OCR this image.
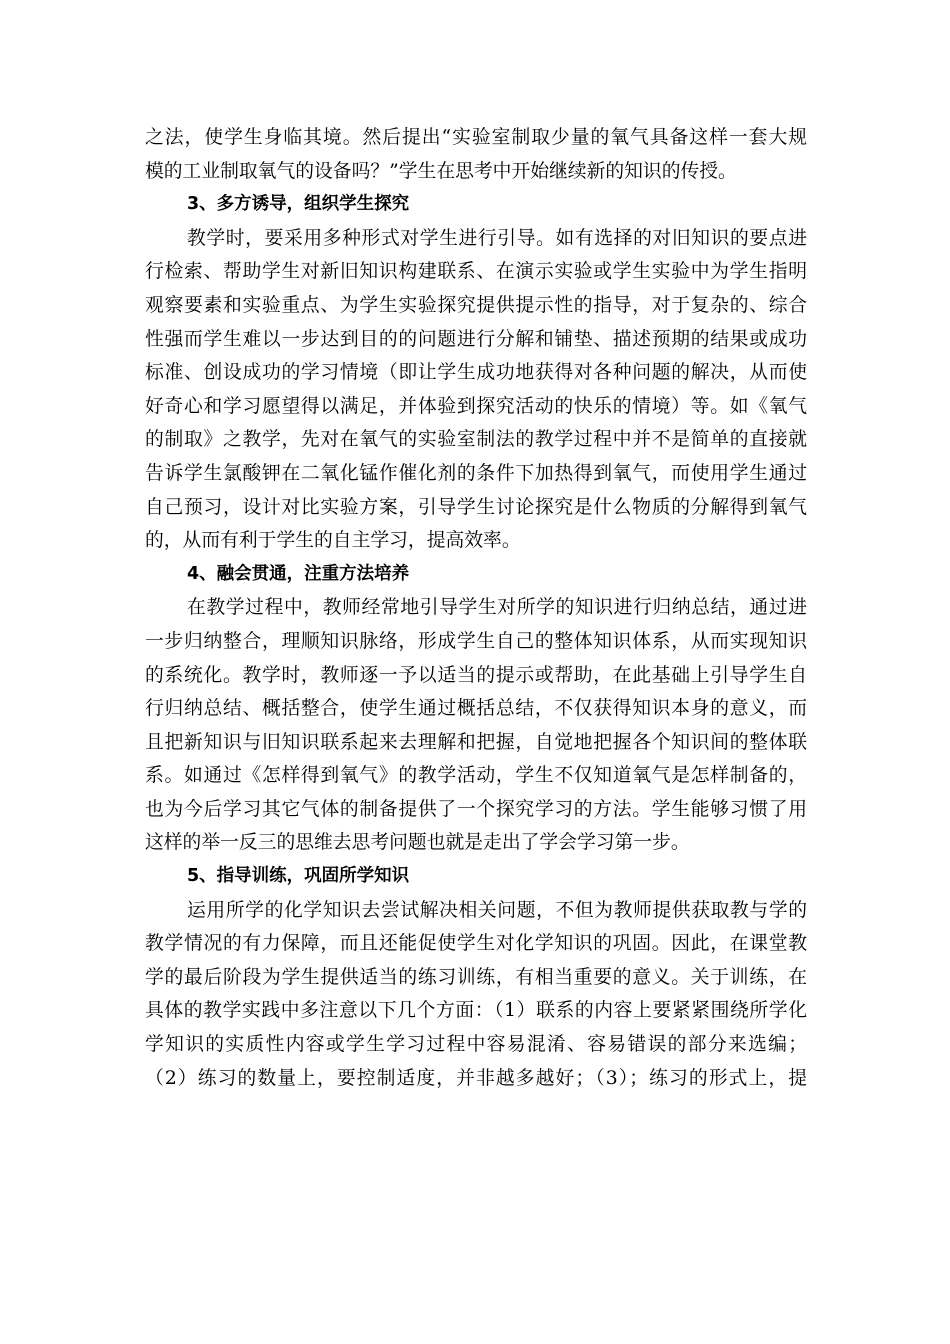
之法，使学生身临其境。然后提出“实验室制取少量的氧气具备这样一套大规
模的工业制取氧气的设备吗？”学生在思考中开始继续新的知识的传授。
3、多方诱导，组织学生探究
教学时，要采用多种形式对学生进行引导。如有选择的对旧知识的要点进
行检索、帮助学生对新旧知识构建联系、在演示实验或学生实验中为学生指明
观察要素和实验重点、为学生实验探究提供提示性的指导，对于复杂的、综合
性强而学生难以一步达到目的的问题进行分解和铺垫、描述预期的结果或成功
标准、创设成功的学习情境（即让学生成功地获得对各种问题的解决，从而使
好奇心和学习愿望得以满足，并体验到探究活动的快乐的情境）等。如《氧气
的制取》之教学，先对在氧气的实验室制法的教学过程中并不是简单的直接就
告诉学生氯酸钾在二氧化锰作催化剂的条件下加热得到氧气，而使用学生通过
自己预习，设计对比实验方案，引导学生讨论探究是什么物质的分解得到氧气
的，从而有利于学生的自主学习，提高效率。
4、融会贯通，注重方法培养
在教学过程中，教师经常地引导学生对所学的知识进行归纳总结，通过进
一步归纳整合，理顺知识脉络，形成学生自己的整体知识体系，从而实现知识
的系统化。教学时，教师逐一予以适当的提示或帮助，在此基础上引导学生自
行归纳总结、概括整合，使学生通过概括总结，不仅获得知识本身的意义，而
且把新知识与旧知识联系起来去理解和把握，自觉地把握各个知识间的整体联
系。如通过《怎样得到氧气》的教学活动，学生不仅知道氧气是怎样制备的，
也为今后学习其它气体的制备提供了一个探究学习的方法。学生能够习惯了用
这样的举一反三的思维去思考问题也就是走出了学会学习第一步。
5、指导训练，巩固所学知识
运用所学的化学知识去尝试解决相关问题，不但为教师提供获取教与学的
教学情况的有力保障，而且还能促使学生对化学知识的巩固。因此，在课堂教
学的最后阶段为学生提供适当的练习训练，有相当重要的意义。关于训练，在
具体的教学实践中多注意以下几个方面：（1）联系的内容上要紧紧围绕所学化
学知识的实质性内容或学生学习过程中容易混淆、容易错误的部分来选编；
（2）练习的数量上，要控制适度，并非越多越好；（3）；练习的形式上，提
